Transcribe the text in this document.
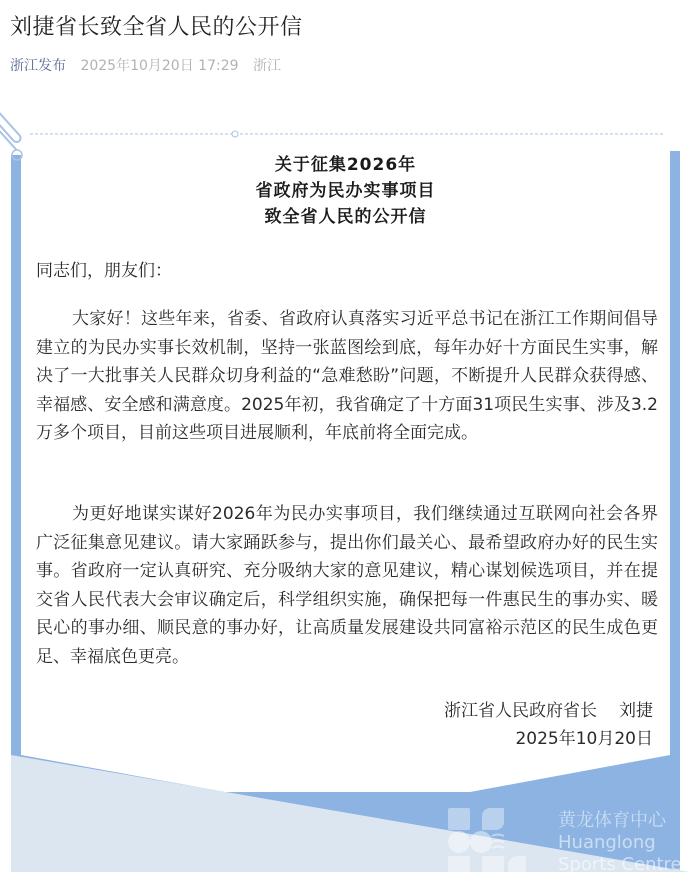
刘捷省长致全省人民的公开信
浙江发布 2025年10月20日 17:29 浙江
关于征集2026年
省政府为民办实事项目
致全省人民的公开信
同志们，朋友们：
大家好！这些年来，省委、省政府认真落实习近平总书记在浙江工作期间倡导建立的为民办实事长效机制，坚持一张蓝图绘到底，每年办好十方面民生实事，解决了一大批事关人民群众切身利益的“急难愁盼”问题，不断提升人民群众获得感、幸福感、安全感和满意度。2025年初，我省确定了十方面31项民生实事、涉及3.2万多个项目，目前这些项目进展顺利，年底前将全面完成。
为更好地谋实谋好2026年为民办实事项目，我们继续通过互联网向社会各界广泛征集意见建议。请大家踊跃参与，提出你们最关心、最希望政府办好的民生实事。省政府一定认真研究、充分吸纳大家的意见建议，精心谋划候选项目，并在提交省人民代表大会审议确定后，科学组织实施，确保把每一件惠民生的事办实、暖民心的事办细、顺民意的事办好，让高质量发展建设共同富裕示范区的民生成色更足、幸福底色更亮。
浙江省人民政府省长 刘捷
2025年10月20日
黄龙体育中心
Huanglong
Sports Centre
